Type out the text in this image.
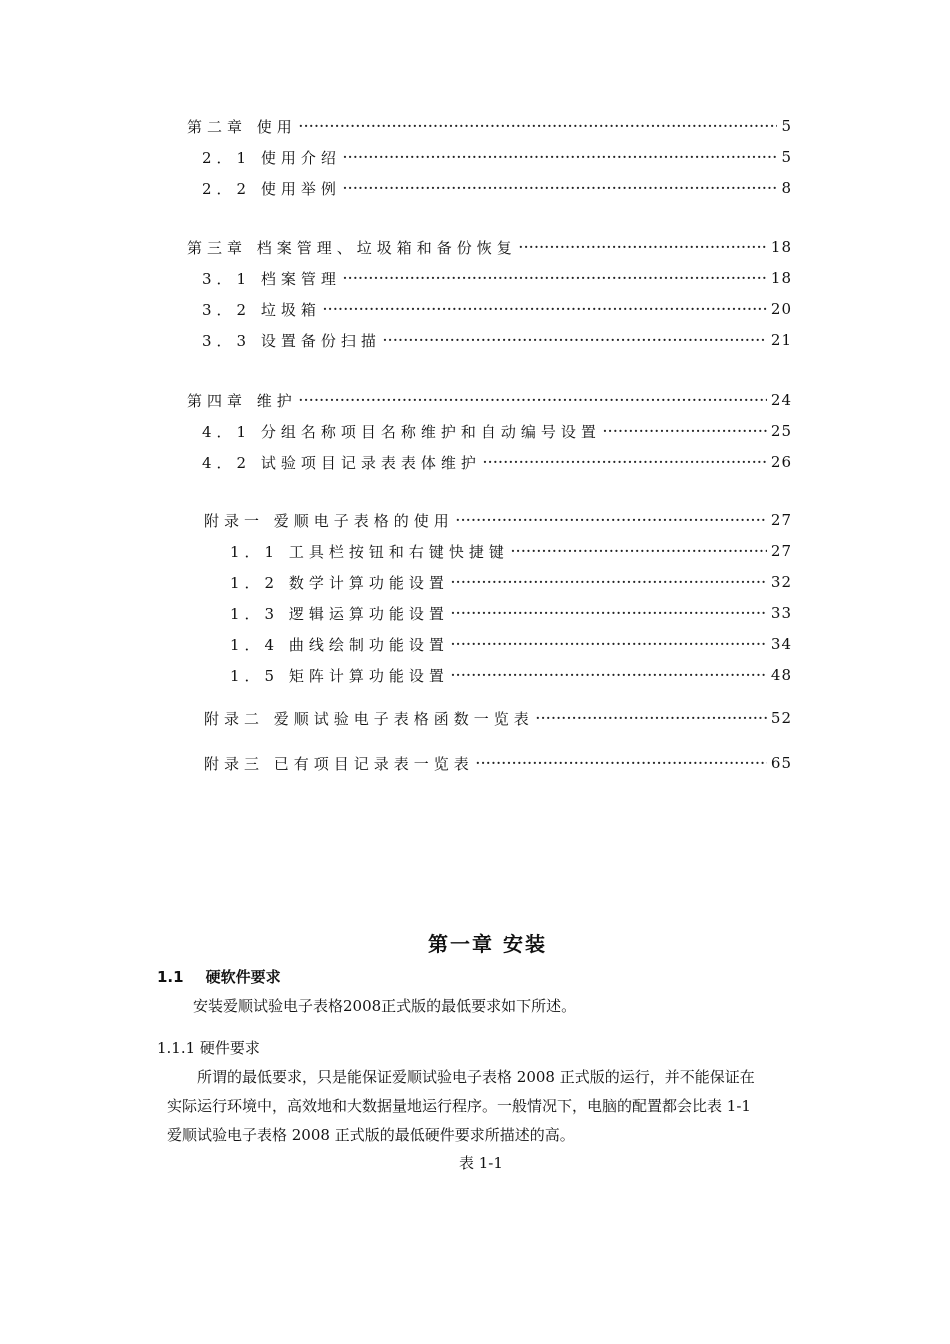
第二章 使用 ·····	5
2．1 使用介绍 ·····	5
2．2 使用举例 ·····	8
第三章 档案管理、垃圾箱和备份恢复 ·····	18
3．1 档案管理 ·····	18
3．2 垃圾箱 ·····	20
3．3 设置备份扫描 ·····	21
第四章 维护 ·····	24
4．1 分组名称项目名称维护和自动编号设置 ·····	25
4．2 试验项目记录表表体维护 ·····	26
附录一 爱顺电子表格的使用 ·····	27
1．1 工具栏按钮和右键快捷键 ·····	27
1．2 数学计算功能设置 ·····	32
1．3 逻辑运算功能设置 ·····	33
1．4 曲线绘制功能设置 ·····	34
1．5 矩阵计算功能设置 ·····	48
附录二 爱顺试验电子表格函数一览表 ·····	52
附录三 已有项目记录表一览表 ·····	65
第一章 安装
1.1 硬软件要求
安装爱顺试验电子表格2008正式版的最低要求如下所述。
1.1.1 硬件要求
所谓的最低要求，只是能保证爱顺试验电子表格 2008 正式版的运行，并不能保证在
实际运行环境中，高效地和大数据量地运行程序。一般情况下，电脑的配置都会比表 1-1
爱顺试验电子表格 2008 正式版的最低硬件要求所描述的高。
表 1-1
